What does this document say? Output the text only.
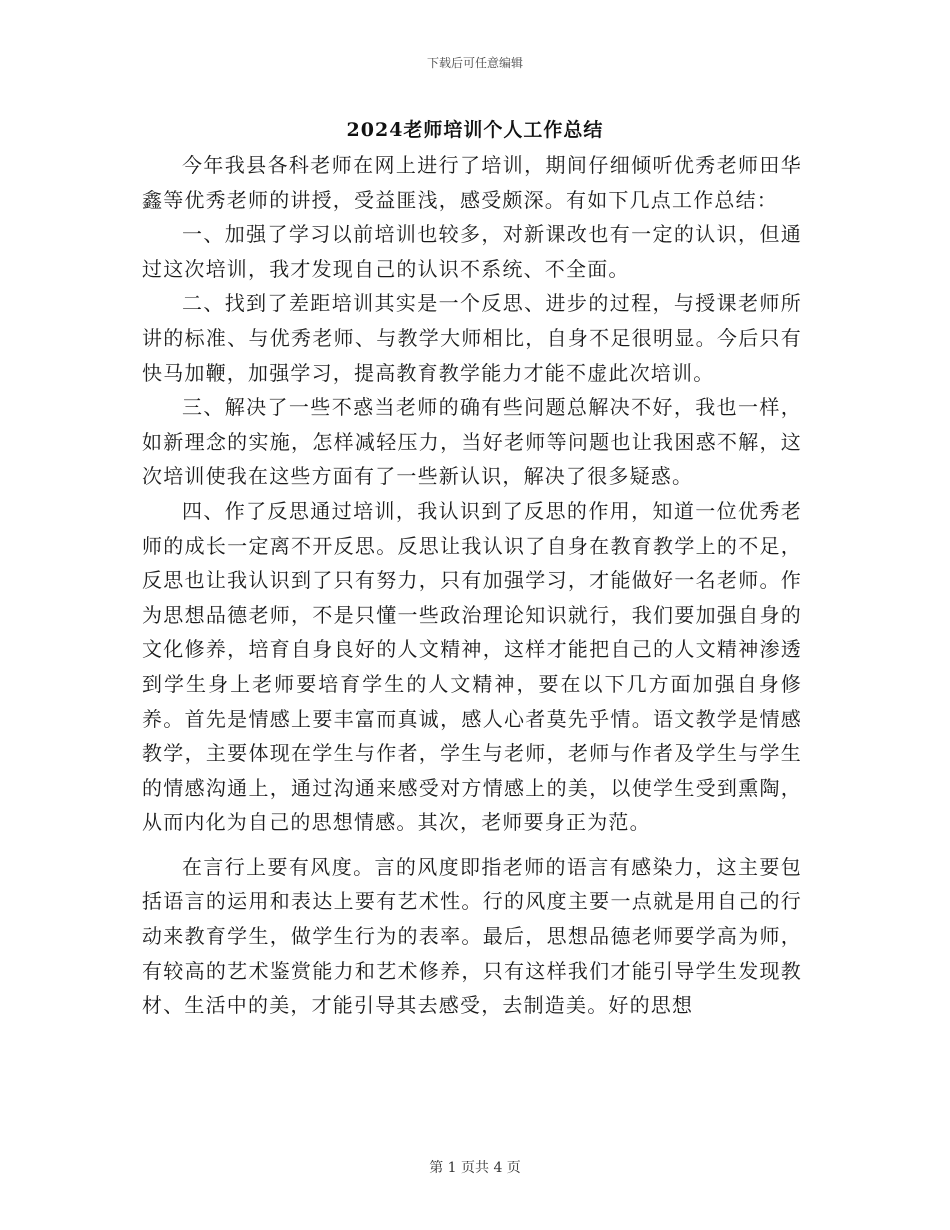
下载后可任意编辑
2024老师培训个人工作总结

今年我县各科老师在网上进行了培训，期间仔细倾听优秀老师田华鑫等优秀老师的讲授，受益匪浅，感受颇深。有如下几点工作总结：

一、加强了学习以前培训也较多，对新课改也有一定的认识，但通过这次培训，我才发现自己的认识不系统、不全面。

二、找到了差距培训其实是一个反思、进步的过程，与授课老师所讲的标准、与优秀老师、与教学大师相比，自身不足很明显。今后只有快马加鞭，加强学习，提高教育教学能力才能不虚此次培训。

三、解决了一些不惑当老师的确有些问题总解决不好，我也一样，如新理念的实施，怎样减轻压力，当好老师等问题也让我困惑不解，这次培训使我在这些方面有了一些新认识，解决了很多疑惑。

四、作了反思通过培训，我认识到了反思的作用，知道一位优秀老师的成长一定离不开反思。反思让我认识了自身在教育教学上的不足，反思也让我认识到了只有努力，只有加强学习，才能做好一名老师。作为思想品德老师，不是只懂一些政治理论知识就行，我们要加强自身的文化修养，培育自身良好的人文精神，这样才能把自己的人文精神渗透到学生身上老师要培育学生的人文精神，要在以下几方面加强自身修养。首先是情感上要丰富而真诚，感人心者莫先乎情。语文教学是情感教学，主要体现在学生与作者，学生与老师，老师与作者及学生与学生的情感沟通上，通过沟通来感受对方情感上的美，以使学生受到熏陶，从而内化为自己的思想情感。其次，老师要身正为范。

在言行上要有风度。言的风度即指老师的语言有感染力，这主要包括语言的运用和表达上要有艺术性。行的风度主要一点就是用自己的行动来教育学生，做学生行为的表率。最后，思想品德老师要学高为师，有较高的艺术鉴赏能力和艺术修养，只有这样我们才能引导学生发现教材、生活中的美，才能引导其去感受，去制造美。好的思想

第 1 页共 4 页
